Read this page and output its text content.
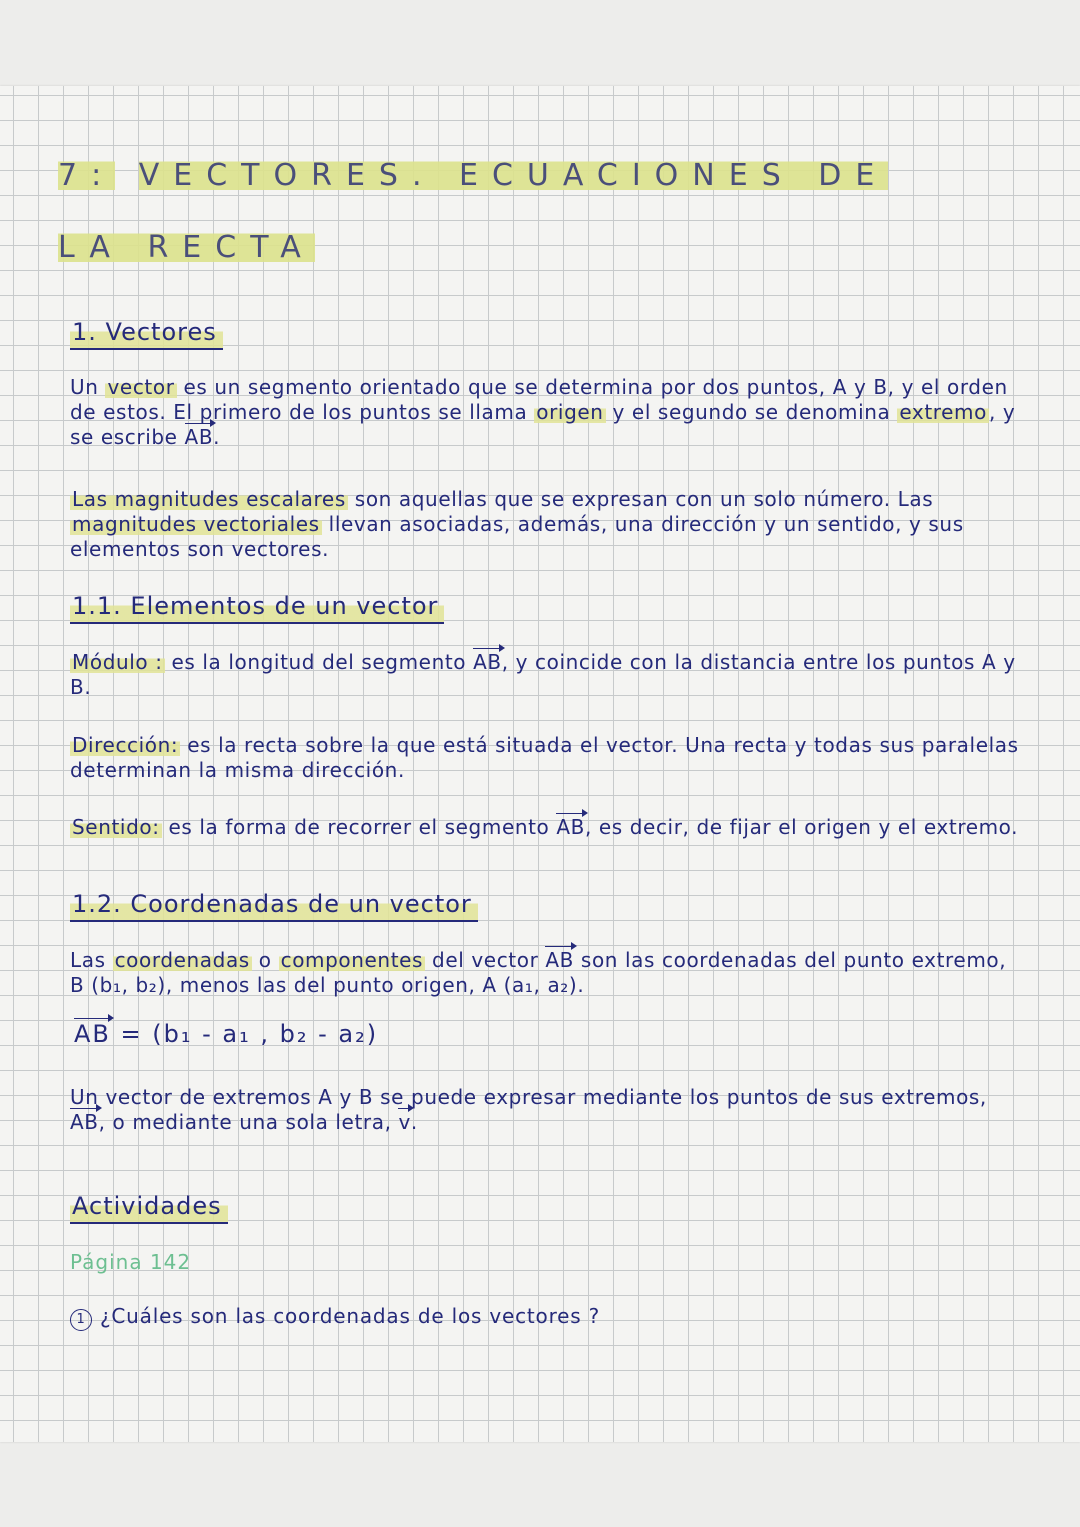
7: VECTORES. ECUACIONES DE
LA RECTA
1. Vectores

Un vector es un segmento orientado que se determina por dos puntos, A y B, y el orden de estos. El primero de los puntos se llama origen y el segundo se denomina extremo , y se escribe AB.

Las magnitudes escalares son aquellas que se expresan con un solo número. Las magnitudes vectoriales llevan asociadas, además, una dirección y un sentido, y sus elementos son vectores.

1.1. Elementos de un vector

Módulo : es la longitud del segmento AB, y coincide con la distancia entre los puntos A y B.

Dirección: es la recta sobre la que está situada el vector. Una recta y todas sus paralelas determinan la misma dirección.

Sentido: es la forma de recorrer el segmento AB, es decir, de fijar el origen y el extremo.

1.2. Coordenadas de un vector

Las coordenadas o componentes del vector AB son las coordenadas del punto extremo, B (b₁, b₂), menos las del punto origen, A (a₁, a₂).

AB = (b₁ - a₁ , b₂ - a₂)

Un vector de extremos A y B se puede expresar mediante los puntos de sus extremos, AB, o mediante una sola letra, v.

Actividades
Página 142
1 ¿Cuáles son las coordenadas de los vectores ?
